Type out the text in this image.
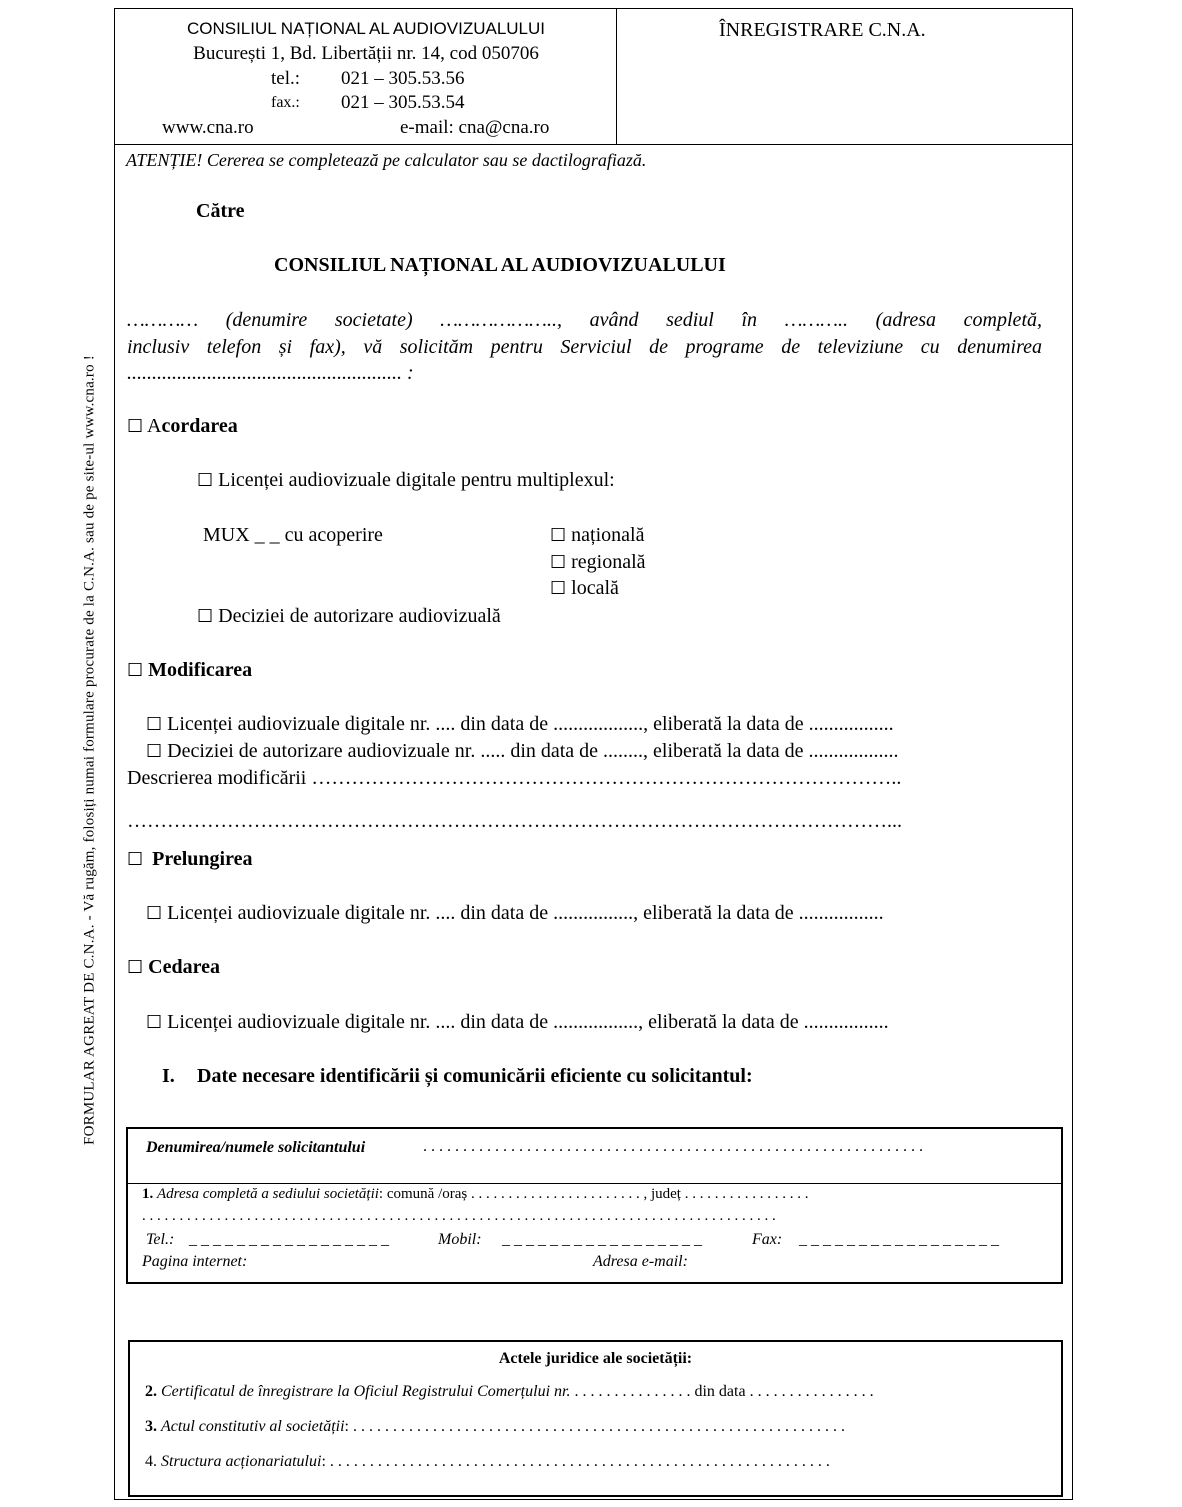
FORMULAR AGREAT DE C.N.A. - Vă rugăm, folosiți numai formulare procurate de la C.N.A. sau de pe site-ul www.cna.ro !
CONSILIUL NAȚIONAL AL AUDIOVIZUALULUI
București 1, Bd. Libertății nr. 14, cod 050706
tel.: 021 – 305.53.56
fax.: 021 – 305.53.54
www.cna.ro	e-mail: cna@cna.ro
ÎNREGISTRARE C.N.A.
ATENȚIE! Cererea se completează pe calculator sau se dactilografiază.
Către
CONSILIUL NAȚIONAL AL AUDIOVIZUALULUI
………… (denumire societate) ……………….., având sediul în ……….. (adresa completă,
inclusiv telefon și fax), vă solicităm pentru Serviciul de programe de televiziune cu denumirea
....................................................... :
☐ Acordarea
☐ Licenței audiovizuale digitale pentru multiplexul:
MUX _ _ cu acoperire	☐ națională
☐ regională
☐ locală
☐ Deciziei de autorizare audiovizuală
☐ Modificarea
☐ Licenței audiovizuale digitale nr. .... din data de .................., eliberată la data de .................
☐ Deciziei de autorizare audiovizuale nr. ..... din data de ........, eliberată la data de ..................
Descrierea modificării ……………………………………………………………………………..
……………………………………………………………………………………………………...
☐ Prelungirea
☐ Licenței audiovizuale digitale nr. .... din data de ................, eliberată la data de .................
☐ Cedarea
☐ Licenței audiovizuale digitale nr. .... din data de ................., eliberată la data de .................
I. Date necesare identificării și comunicării eficiente cu solicitantul:
Denumirea/numele solicitantului	. . . . . . . . . . . . . . . . . . . . . . . . . . . . . . . . . . . . . . . . . . . . . . . . . . . . . . . . . . . . . . .
1. Adresa completă a sediului societății: comună /oraș . . . . . . . . . . . . . . . . . . . . . . . , județ . . . . . . . . . . . . . . . . .
. . . . . . . . . . . . . . . . . . . . . . . . . . . . . . . . . . . . . . . . . . . . . . . . . . . . . . . . . . . . . . . . . . . . . . . . . . . . . . . . . . . . .
Tel.: _ _ _ _ _ _ _ _ _ _ _ _ _ _ _ _ _	Mobil: _ _ _ _ _ _ _ _ _ _ _ _ _ _ _ _ _	Fax: _ _ _ _ _ _ _ _ _ _ _ _ _ _ _ _ _
Pagina internet:	Adresa e-mail:
Actele juridice ale societății:
2. Certificatul de înregistrare la Oficiul Registrului Comerțului nr. . . . . . . . . . . . . . . . din data . . . . . . . . . . . . . . . .
3. Actul constitutiv al societății: . . . . . . . . . . . . . . . . . . . . . . . . . . . . . . . . . . . . . . . . . . . . . . . . . . . . . . . . . . . . . .
4. Structura acționariatului: . . . . . . . . . . . . . . . . . . . . . . . . . . . . . . . . . . . . . . . . . . . . . . . . . . . . . . . . . . . . . . .
